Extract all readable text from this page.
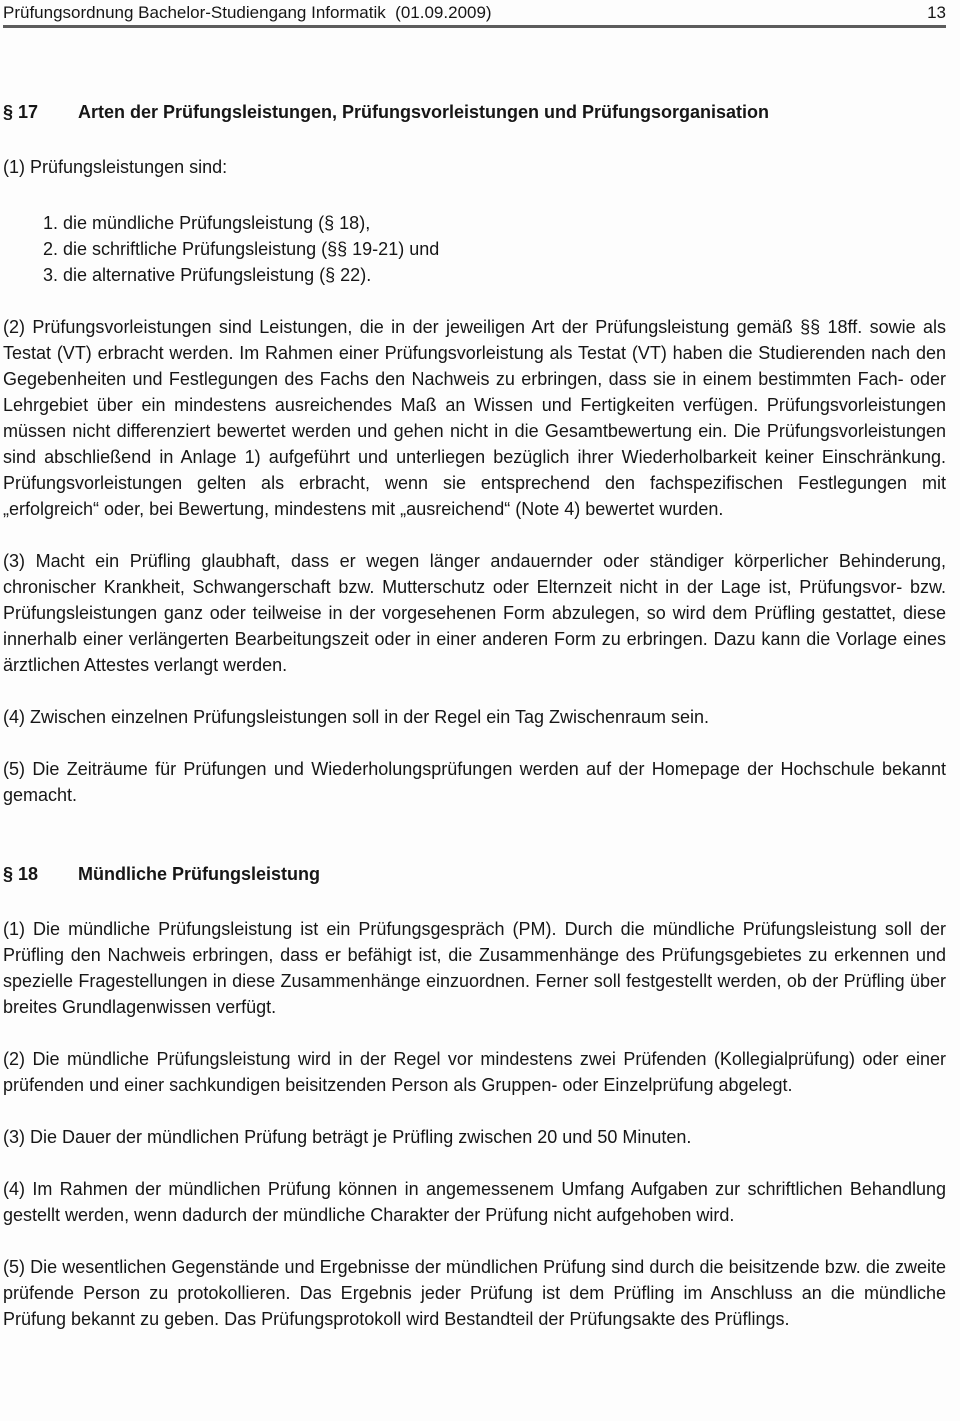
Prüfungsordnung Bachelor-Studiengang Informatik  (01.09.2009)	13
§ 17	Arten der Prüfungsleistungen, Prüfungsvorleistungen und Prüfungsorganisation

(1) Prüfungsleistungen sind:

1. die mündliche Prüfungsleistung (§ 18),
2. die schriftliche Prüfungsleistung (§§ 19-21) und
3. die alternative Prüfungsleistung (§ 22).

(2) Prüfungsvorleistungen sind Leistungen, die in der jeweiligen Art der Prüfungsleistung gemäß §§ 18ff. sowie als Testat (VT) erbracht werden. Im Rahmen einer Prüfungsvorleistung als Testat (VT) haben die Studierenden nach den Gegebenheiten und Festlegungen des Fachs den Nachweis zu erbringen, dass sie in einem bestimmten Fach- oder Lehrgebiet über ein mindestens ausreichendes Maß an Wissen und Fertigkeiten verfügen. Prüfungsvorleistungen müssen nicht differenziert bewertet werden und gehen nicht in die Gesamtbewertung ein. Die Prüfungsvorleistungen sind abschließend in Anlage 1) aufgeführt und unterliegen bezüglich ihrer Wiederholbarkeit keiner Einschränkung. Prüfungsvorleistungen gelten als erbracht, wenn sie entsprechend den fachspezifischen Festlegungen mit „erfolgreich“ oder, bei Bewertung, mindestens mit „ausreichend“ (Note 4) bewertet wurden.

(3) Macht ein Prüfling glaubhaft, dass er wegen länger andauernder oder ständiger körperlicher Behinderung, chronischer Krankheit, Schwangerschaft bzw. Mutterschutz oder Elternzeit nicht in der Lage ist, Prüfungsvor- bzw. Prüfungsleistungen ganz oder teilweise in der vorgesehenen Form abzulegen, so wird dem Prüfling gestattet, diese innerhalb einer verlängerten Bearbeitungszeit oder in einer anderen Form zu erbringen. Dazu kann die Vorlage eines ärztlichen Attestes verlangt werden.

(4) Zwischen einzelnen Prüfungsleistungen soll in der Regel ein Tag Zwischenraum sein.

(5) Die Zeiträume für Prüfungen und Wiederholungsprüfungen werden auf der Homepage der Hochschule bekannt gemacht.

§ 18	Mündliche Prüfungsleistung

(1) Die mündliche Prüfungsleistung ist ein Prüfungsgespräch (PM). Durch die mündliche Prüfungsleistung soll der Prüfling den Nachweis erbringen, dass er befähigt ist, die Zusammenhänge des Prüfungsgebietes zu erkennen und spezielle Fragestellungen in diese Zusammenhänge einzuordnen. Ferner soll festgestellt werden, ob der Prüfling über breites Grundlagenwissen verfügt.

(2) Die mündliche Prüfungsleistung wird in der Regel vor mindestens zwei Prüfenden (Kollegialprüfung) oder einer prüfenden und einer sachkundigen beisitzenden Person als Gruppen- oder Einzelprüfung abgelegt.

(3) Die Dauer der mündlichen Prüfung beträgt je Prüfling zwischen 20 und 50 Minuten.

(4) Im Rahmen der mündlichen Prüfung können in angemessenem Umfang Aufgaben zur schriftlichen Behandlung gestellt werden, wenn dadurch der mündliche Charakter der Prüfung nicht aufgehoben wird.

(5) Die wesentlichen Gegenstände und Ergebnisse der mündlichen Prüfung sind durch die beisitzende bzw. die zweite prüfende Person zu protokollieren. Das Ergebnis jeder Prüfung ist dem Prüfling im Anschluss an die mündliche Prüfung bekannt zu geben. Das Prüfungsprotokoll wird Bestandteil der Prüfungsakte des Prüflings.
